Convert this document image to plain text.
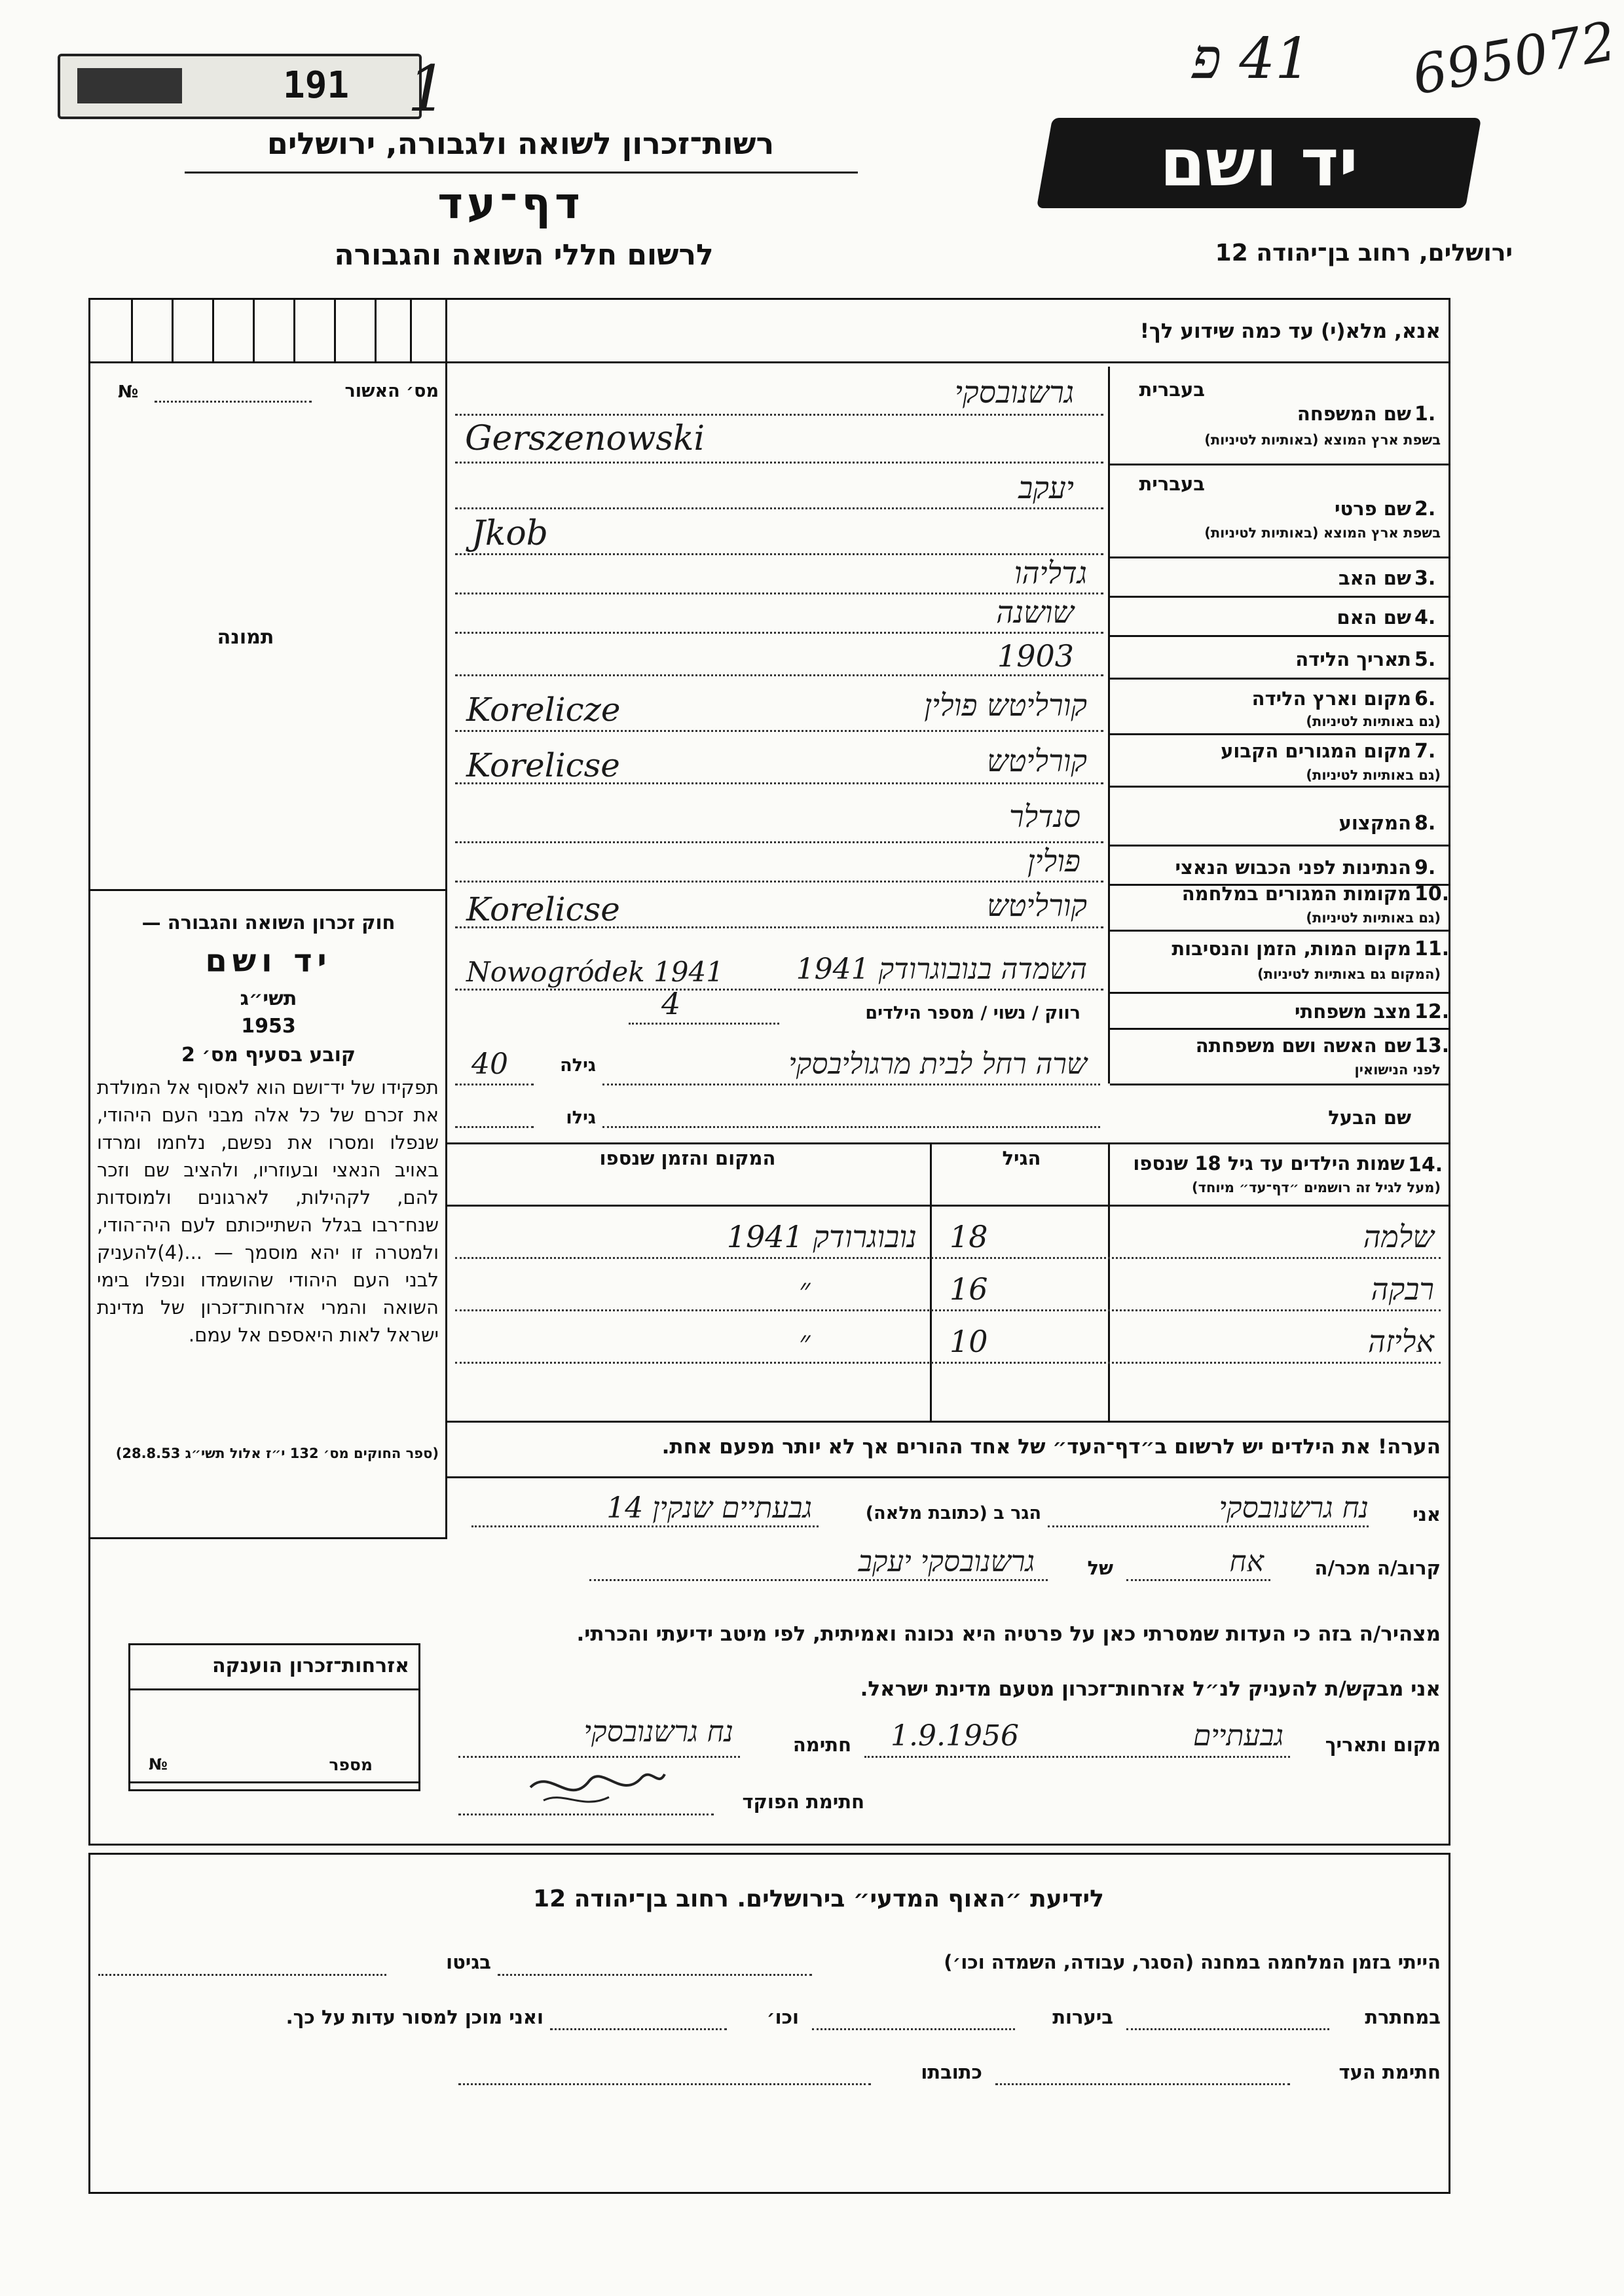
191 1	41 פ 695072
רשות־זכרון לשואה ולגבורה, ירושלים
דף־עד
לרשום חללי השואה והגבורה
יד ושם
ירושלים, רחוב בן־יהודה 12
מס׳ האשור
№
תמונה
חוק זכרון השואה והגבורה —
יד ושם
תשי״ג
1953
קובע בסעיף מס׳ 2
תפקידו של יד־ושם הוא לאסוף אל המולדת את זכרם של כל אלה מבני העם היהודי, שנפלו ומסרו את נפשם, נלחמו ומרדו באויב הנאצי ובעוזריו, ולהציב שם וזכר להם, לקהילות, לארגונים ולמוסדות שנח־רבו בגלל השתייכותם לעם היה־הודי, ולמטרה זו יהא מוסמך — ...(4)להעניק לבני העם היהודי שהושמדו ונפלו בימי השואה והמרי אזרחות־זכרון של מדינת ישראל לאות היאספם אל עמם.
(ספר החוקים מס׳ 132 י״ז אלול תשי״ג 28.8.53)
אזרחות־זכרון הוענקה
מספר
№
אנא, מלא(י) עד כמה שידוע לך!
בעברית
1.
שם המשפחה
בשפת ארץ המוצא (באותיות לטיניות)
גרשנובסקי
Gerszenowski
בעברית
2.
שם פרטי
בשפת ארץ המוצא (באותיות לטיניות)
יעקב
Jkob
3.
שם האב
גדליהו
4.
שם האם
שושנה
5.
תאריך הלידה
1903
6.
מקום וארץ הלידה
(גם באותיות לטיניות)
קורליטש פולין
Korelicze
7.
מקום המגורים הקבוע
(גם באותיות לטיניות)
קורליטש
Korelicse
8.
המקצוע
סנדלר
9.
הנתינות לפני הכבוש הנאצי
פולין
10.
מקומות המגורים במלחמה
(גם באותיות לטיניות)
קורליטש
Korelicse
11.
מקום המות, הזמן והנסיבות
(המקום גם באותיות לטיניות)
השמדה בנובוגרודק 1941
Nowogródek 1941
12.
מצב משפחתי
רווק / נשוי / מספר הילדים
4
13.
שם האשה ושם משפחתה
לפני הנישואין
שרה רחל לבית מרגוליבסקי
גילה
40
שם הבעל
גילו
14.
שמות הילדים עד גיל 18 שנספו
(מעל לגיל זה רושמים ״דף־עד״ מיוחד)
הגיל
המקום והזמן שנספו
שלמה
18
נובוגרודק 1941
רבקה
16
״
אליזה
10
״
הערה! את הילדים יש לרשום ב״דף־העד״ של אחד ההורים אך לא יותר מפעם אחת.
אני
נח גרשנובסקי
הגר ב (כתובת מלאה)
גבעתיים שנקין 14
קרוב/ה מכר/ה
אח
של
גרשנובסקי יעקב
מצהיר/ה בזה כי העדות שמסרתי כאן על פרטיה היא נכונה ואמיתית, לפי מיטב ידיעתי והכרתי.
אני מבקש/ת להעניק לנ״ל אזרחות־זכרון מטעם מדינת ישראל.
מקום ותאריך
גבעתיים
1.9.1956
חתימה
נח גרשנובסקי
חתימת הפוקד
לידיעת ״האוף המדעי״ בירושלים. רחוב בן־יהודה 12
הייתי בזמן המלחמה במחנה (הסגר, עבודה, השמדה וכו׳)
בגיטו
במחתרת
ביערות
וכו׳
ואני מוכן למסור עדות על כך.
חתימת העד
כתובתו
